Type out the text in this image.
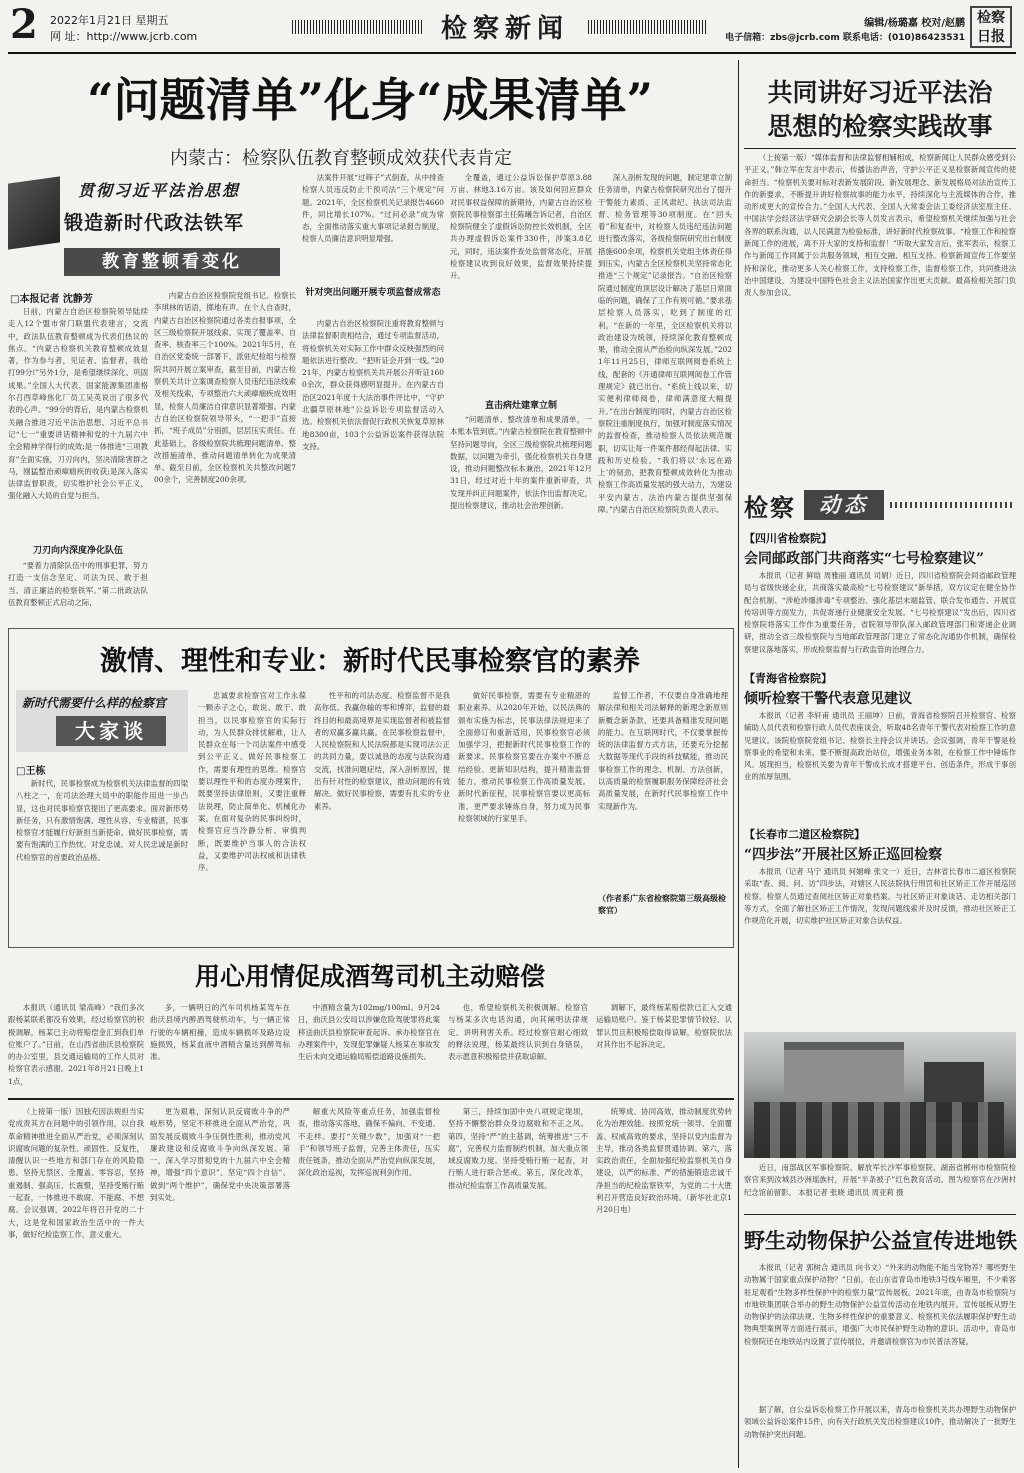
2 2022年1月21日 星期五
网 址：http://www.jcrb.com	检察新闻	编辑/杨璐嘉 校对/赵鹏
电子信箱：zbs@jcrb.com 联系电话：(010)86423531
检察日报
“问题清单”化身“成果清单”
内蒙古：检察队伍教育整顿成效获代表肯定
贯彻习近平法治思想
锻造新时代政法铁军
教育整顿看变化
□本报记者 沈静芳

日前，内蒙古自治区检察院领导陆续走入12个盟市常门联盟代表建言，交流中，政法队伍教育整顿成为代表们热议的焦点。“内蒙古检察机关教育整顿成效显著，作为参与者，见证者、监督者，我给打99分!”另外1分，是希望继续深化、巩固成果。”全国人大代表、国家能源集团准格尔召西草峰焦化厂员工吴英说出了很多代表的心声。“99分的背后，是内蒙古检察机关融合推进习近平法治思想、习近平总书记“七一”重要讲话精神和党的十九届六中全会精神学得行的成效;是一体推进“三项教育”全面实施，刀刃向内，坚决清除害群之马，刚猛整治顽瘴痼疾的收获;是深入落实法律监督职责，切实维护社会公平正义，强化融入大局的自觉与担当。

刀刃向内深度净化队伍

“要着力清除队伍中的刑事犯罪，努力打造一支信念坚定、司法为民、敢于担当、清正廉洁的检察铁军。”第二批政法队伍教育整顿正式启动之际，

内蒙古自治区检察院党组书记、检察长李琪林的话语，掷地有声。在个人自查时，内蒙古自治区检察院通过各类自报事项，全区三级检察院开展线索、实现了覆盖率、自查率、核查率三个100%。2021年5月，在自治区党委统一部署下，派驻纪检组与检察院共同开展立案审查，截至目前，内蒙古检察机关共计立案调查检察人员违纪违法线索及相关线索，专项整治六大顽瘴痼疾成效明显，检察人员廉洁自律意识显著增强。内蒙古自治区检察院领导带头，“一把手”直接抓，“班子成员”分别抓，层层压实责任。在此基础上，各级检察院共梳理问题清单、整改措施清单，推动问题清单转化为成果清单。截至目前，全区检察机关共整改问题700余个，完善制度200余项。

法案件开展“过筛子”式倒查，从中排查检察人员违反防止干预司法“三个规定”问题。2021年，全区检察机关记录报告4660件，同比增长107%。“过问必录”成为常态，全面推动落实重大事项记录报告制度，检察人员廉洁意识明显增强。

针对突出问题开展专项监督成常态

内蒙古自治区检察院注重将教育整顿与法律监督职责相结合，通过专项监督活动，将检察机关对实际工作中群众反映强烈的问题依法进行整改。“把听证会开到一线。”2021年，内蒙古检察机关共开展公开听证1600余次，群众获得感明显提升。在内蒙古自治区2021年度十大法治事件评比中，“守护北疆草原林地”公益诉讼专项监督活动入选。检察机关依法督促行政机关恢复草原林地8300亩，103个公益诉讼案件获得法院支持。

全覆盖，通过公益诉讼保护草原3.88万亩、林地3.16万亩。该及如何回应群众对民事权益保障的新期待，内蒙古自治区检察院民事检察部主任陈曦告诉记者，自治区检察院健全了虚假诉讼防控长效机制，全区共办理虚假诉讼案件330件，涉案3.8亿元，同时，违法案件查处监督常态化，开展检察建议收到良好效果，监督效果持续提升。

直击病灶建章立制

“问题清单、整改清单和成果清单，一本账本管到底。”内蒙古检察院在教育整顿中坚持问题导向，全区三级检察院共梳理问题数据，以问题为牵引，强化检察机关自身建设，推动问题整改标本兼治，2021年12月31日，经过对近十年的案件重新审查，共发现并纠正问题案件，依法作出监督决定，提出检察建议，推动社会治理创新。

深入剖析发现的问题，制定建章立制任务清单，内蒙古检察院研究出台了提升干警能力素质、正风肃纪、执法司法监督、检务管理等30项制度。在“回头看”和复查中，对检察人员违纪违法问题进行整改落实，各级检察院研究出台制度措施600余项，检察机关党组主体责任得到压实，内蒙古全区检察机关坚持常态化推进“三个规定”记录报告。“自治区检察院通过制度的顶层设计解决了基层日常面临的问题，确保了工作有规可循。”要求基层检察人员落实，吃到了制度的红利。“在新的一年里，全区检察机关将以政治建设为统领，持续深化教育整顿成果，推动全面从严治检向纵深发展。”2021年11月25日，律师互联网阅卷系统上线，配套的《开通律师互联网阅卷工作管理规定》就已出台。“系统上线以来，切实便利律师阅卷，律师满意度大幅提升。”在出台制度的同时，内蒙古自治区检察院注重制度执行，加强对制度落实情况的监督检查，推动检察人员依法规范履职，切实让每一件案件都经得起法律、实践和历史检验。“我们将以‘永远在路上’的韧劲，把教育整顿成效转化为推动检察工作高质量发展的强大动力，为建设平安内蒙古、法治内蒙古提供坚强保障。”内蒙古自治区检察院负责人表示。

共同讲好习近平法治
思想的检察实践故事

（上接第一版）“媒体监督和法律监督相辅相成，检察新闻让人民群众感受到公平正义。”韩立军在发言中表示，传播法治声音，守护公平正义是检察新闻宣传的使命担当。“检察机关要对标对表新发展阶段、新发展理念、新发展格局对法治宣传工作的新要求，不断提升讲好检察故事的能力水平，持续深化与主流媒体的合作，推动形成更大的宣传合力。”全国人大代表、全国人大常委会法工委经济法室原主任、中国法学会经济法学研究会副会长等人员发言表示，希望检察机关继续加强与社会各界的联系沟通，以人民满意为检验标准，讲好新时代检察故事。“检察工作和检察新闻工作的进展，离不开大家的支持和监督！”听取大家发言后，张军表示，检察工作与新闻工作同属于公共服务领域，相互交融、相互支持。检察新闻宣传工作要坚持和深化，推动更多人关心检察工作，支持检察工作，监督检察工作，共同推进法治中国建设，为建设中国特色社会主义法治国家作出更大贡献。最高检相关部门负责人参加会议。

检察	动态
【四川省检察院】
会同邮政部门共商落实“七号检察建议”

本报讯（记者 鲜晗 周雅丽 通讯员 司娟）近日，四川省检察院会同省邮政管理局与省级快递企业，共商落实最高检“七号检察建议”新举措，双方议定在健全协作配合机制、“涉枪涉爆涉毒”专项整治、强化基层末端监管、联合发布通告、开展宣传培训等方面发力，共促寄递行业健康安全发展。“七号检察建议”发出后，四川省检察院将落实工作作为重要任务，省院领导带队深入邮政管理部门和寄递企业调研，推动全省三级检察院与当地邮政管理部门建立了常态化沟通协作机制，确保检察建议落地落实，形成检察监督与行政监管的治理合力。

【青海省检察院】
倾听检察干警代表意见建议

本报讯（记者 李轩甫 通讯员 王丽坤）日前，青海省检察院召开检察官、检察辅助人员代表和检察行政人员代表座谈会，听取48名青年干警代表对检察工作的意见建议。该院检察院党组书记、检察长主持会议并讲话。会议强调，青年干警是检察事业的希望和未来，要不断提高政治站位，增强业务本领，在检察工作中锤炼作风、展现担当，检察机关要为青年干警成长成才搭建平台、创造条件，形成干事创业的浓厚氛围。

【长春市二道区检察院】
“四步法”开展社区矫正巡回检察

本报讯（记者 马宁 通讯员 何姻峰 张文一）近日，吉林省长春市二道区检察院采取“查、阅、问、访”四步法，对辖区人民法院执行刑罚和社区矫正工作开展巡回检察。检察人员通过查阅社区矫正对象档案、与社区矫正对象谈话、走访相关部门等方式，全面了解社区矫正工作情况，发现问题线索并及时反馈，推动社区矫正工作规范化开展，切实维护社区矫正对象合法权益。

近日，南部战区军事检察院、解放军长沙军事检察院、湖南省郴州市检察院检察官来到汝城县沙洲瑶族村，开展“半条被子”红色教育活动。图为检察官在沙洲村纪念馆前留影。 本报记者 张晓 通讯员 周亚莉 摄

野生动物保护公益宣传进地铁

本报讯（记者 郭树合 通讯员 向书文）“外来的动物能不能当宠物养？哪些野生动物属于国家重点保护动物？”日前，在山东省青岛市地铁3号线车厢里，不少乘客驻足观看“生物多样性保护中的检察力量”宣传展板。2021年底，由青岛市检察院与市地铁集团联合举办的野生动物保护公益宣传活动在地铁内展开。宣传展板从野生动物保护的法律法规、生物多样性保护的重要意义、检察机关依法履职保护野生动物典型案例等方面进行展示，增强广大市民保护野生动物的意识。活动中，青岛市检察院还在地铁站内设置了宣传展位，并邀请检察官为市民普法答疑。

据了解，自公益诉讼检察工作开展以来，青岛市检察机关共办理野生动物保护领域公益诉讼案件15件，向有关行政机关发出检察建议10件，推动解决了一批野生动物保护突出问题。

激情、理性和专业：新时代民事检察官的素养
新时代需要什么样的检察官
大家谈
□王栋

新时代，民事检察成为检察机关法律监督的四梁八柱之一，在司法治理大局中的职能作用进一步凸显，这也对民事检察官提出了更高要求。面对新形势新任务，只有激情饱满、理性从容、专业精湛，民事检察官才能履行好新担当新使命。做好民事检察，需要有饱满的工作热忱。对党忠诚、对人民忠诚是新时代检察官的首要政治品格。

忠诚要求检察官对工作永葆一颗赤子之心，敢说、敢干、敢担当，以民事检察官的实际行动，为人民群众排忧解难，让人民群众在每一个司法案件中感受到公平正义。做好民事检察工作，需要有理性的思维。检察官要以理性平和的态度办理案件，既要坚持法律原则，又要注重释法说理，防止简单化、机械化办案。在面对复杂的民事纠纷时，检察官应当冷静分析、审慎判断，既要维护当事人的合法权益，又要维护司法权威和法律秩序。

性平和的司法态度。检察监督不是我高你低、我赢你输的零和博弈，监督的最终目的和最高境界是实现监督者和被监督者的双赢多赢共赢。在民事检察监督中，人民检察院和人民法院都是实现司法公正的共同力量，要以诚恳的态度与法院沟通交流，找准问题症结，深入剖析原因，提出有针对性的检察建议，推动问题的有效解决。做好民事检察，需要有扎实的专业素养。

做好民事检察，需要有专业精湛的职业素养。从2020年开始，以民法典的颁布实施为标志，民事法律法规迎来了全面修订和重新适用，民事检察官必须加强学习，把握新时代民事检察工作的新要求。民事检察官要在办案中不断总结经验、更新知识结构，提升精准监督能力，推动民事检察工作高质量发展。新时代新征程，民事检察官要以更高标准、更严要求锤炼自身，努力成为民事检察领域的行家里手。

监督工作者，不仅要自身准确地理解法律和相关司法解释的新理念新原则新概念新条款，还要具备精准发现问题的能力。在互联网时代，不仅要掌握传统的法律监督方式方法，还要充分挖掘大数据等现代手段的科技赋能，推动民事检察工作的理念、机制、方法创新，以高质量的检察履职服务保障经济社会高质量发展，在新时代民事检察工作中实现新作为。

（作者系广东省检察院第三级高级检察官）
用心用情促成酒驾司机主动赔偿

本报讯（通讯员 梁高峰）“我们多次跟杨某联系都没有效果，经过检察官的积极调解，杨某已主动将赔偿金汇到我们单位账户了。”日前，在山西省曲沃县检察院的办公室里，县交通运输局的工作人员对检察官表示感谢。2021年8月21日晚上11点，

多，一辆明日的汽车司机杨某驾车在曲沃县境内醉酒驾驶机动车，与一辆正常行驶的车辆相撞，造成车辆损坏及路边设施损毁，杨某血液中酒精含量达到醉驾标准。

中酒精含量为102mg/100ml。9月24日，曲沃县公安局以涉嫌危险驾驶罪将此案移送曲沃县检察院审查起诉。承办检察官在办理案件中，发现犯罪嫌疑人杨某在事故发生后未向交通运输局赔偿道路设施损失。

也，希望检察机关积极调解。检察官与杨某多次电话沟通，向其阐明法律规定、讲明利害关系。经过检察官耐心细致的释法说理，杨某最终认识到自身错误，表示愿意积极赔偿并获取谅解。

调解下，最终杨某赔偿款已汇入交通运输局账户。鉴于杨某犯罪情节较轻、认罪认罚且积极赔偿取得谅解，检察院依法对其作出不起诉决定。

（上接第一版）因独充因法规担当实党成责其方在问题中的引领作用，以自我革命精神推进全面从严治党，必须深刻认识腐败问题的复杂性、顽固性、反复性，清醒认识一些地方和部门存在的风险隐患。坚持无禁区、全覆盖、零容忍，坚持重遏制、强高压、长震慑，坚持受贿行贿一起查，一体推进不敢腐、不能腐、不想腐。会议强调，2022年将召开党的二十大，这是党和国家政治生活中的一件大事，做好纪检监察工作，意义重大。

更为艰难，深刻认识反腐败斗争的严峻形势，坚定不移推进全面从严治党，巩固发展反腐败斗争压倒性胜利，推动党风廉政建设和反腐败斗争向纵深发展。第一，深入学习贯彻党的十九届六中全会精神，增强“四个意识”、坚定“四个自信”、做到“两个维护”，确保党中央决策部署落到实处。

解重大风险等重点任务，加强监督检查，推动落实落地，确保不偏向、不变通、不走样。要打“关键少数”，加强对“一把手”和领导班子监督，完善主体责任，压实责任链条，推动全面从严治党向纵深发展，深化政治巡视，发挥巡视利剑作用。

第三，持续加固中央八项规定堤坝，坚持不懈整治群众身边腐败和不正之风。第四，坚持“严”的主基调，统筹推进“三不腐”，完善权力监督制约机制，加大重点领域反腐败力度。坚持受贿行贿一起查，对行贿人进行联合惩戒。第五，深化改革，推动纪检监察工作高质量发展。

统筹成、协同高效，推动制度优势转化为治理效能。按照党统一领导、全面覆盖、权威高效的要求，坚持以党内监督为主导，推动各类监督贯通协调。第六，落实政治责任，全面加强纪检监察机关自身建设，以严的标准、严的措施锻造忠诚干净担当的纪检监察铁军，为党的二十大胜利召开营造良好政治环境。（新华社北京1月20日电）
